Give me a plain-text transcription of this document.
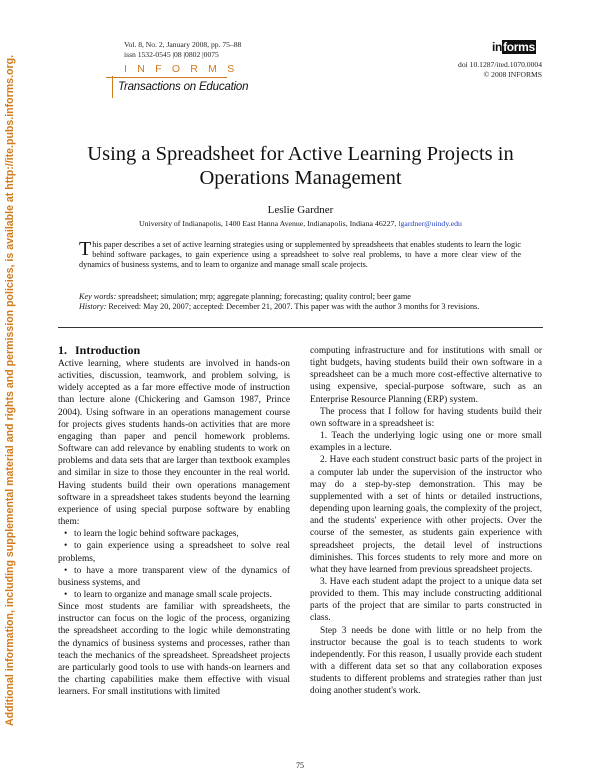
Additional information, including supplemental material and rights and permission policies, is available at http://ite.pubs.informs.org.
Vol. 8, No. 2, January 2008, pp. 75–88
issn 1532-0545 |08 |0802 |0075
INFORMS
Transactions on Education
informs
doi 10.1287/ited.1070.0004
© 2008 INFORMS
Using a Spreadsheet for Active Learning Projects in
Operations Management
Leslie Gardner
University of Indianapolis, 1400 East Hanna Avenue, Indianapolis, Indiana 46227, lgardner@uindy.edu
This paper describes a set of active learning strategies using or supplemented by spreadsheets that enables students to learn the logic behind software packages, to gain experience using a spreadsheet to solve real problems, to have a more clear view of the dynamics of business systems, and to learn to organize and manage small scale projects.
Key words: spreadsheet; simulation; mrp; aggregate planning; forecasting; quality control; beer game
History: Received: May 20, 2007; accepted: December 21, 2007. This paper was with the author 3 months for 3 revisions.
1. Introduction

Active learning, where students are involved in hands-on activities, discussion, teamwork, and problem solving, is widely accepted as a far more effective mode of instruction than lecture alone (Chickering and Gamson 1987, Prince 2004). Using software in an operations management course for projects gives students hands-on activities that are more engaging than paper and pencil homework problems. Software can add relevance by enabling students to work on problems and data sets that are larger than textbook examples and similar in size to those they encounter in the real world. Having students build their own operations management software in a spreadsheet takes students beyond the learning experience of using special purpose software by enabling them:

• to learn the logic behind software packages,

• to gain experience using a spreadsheet to solve real problems,

• to have a more transparent view of the dynamics of business systems, and

• to learn to organize and manage small scale projects.

Since most students are familiar with spreadsheets, the instructor can focus on the logic of the process, organizing the spreadsheet according to the logic while demonstrating the dynamics of business systems and processes, rather than teach the mechanics of the spreadsheet. Spreadsheet projects are particularly good tools to use with hands-on learners and the charting capabilities make them effective with visual learners. For small institutions with limited

computing infrastructure and for institutions with small or tight budgets, having students build their own software in a spreadsheet can be a much more cost-effective alternative to using expensive, special-purpose software, such as an Enterprise Resource Planning (ERP) system.

The process that I follow for having students build their own software in a spreadsheet is:

1. Teach the underlying logic using one or more small examples in a lecture.

2. Have each student construct basic parts of the project in a computer lab under the supervision of the instructor who may do a step-by-step demonstration. This may be supplemented with a set of hints or detailed instructions, depending upon learning goals, the complexity of the project, and the students' experience with other projects. Over the course of the semester, as students gain experience with spreadsheet projects, the detail level of instructions diminishes. This forces students to rely more and more on what they have learned from previous spreadsheet projects.

3. Have each student adapt the project to a unique data set provided to them. This may include constructing additional parts of the project that are similar to parts constructed in class.

Step 3 needs be done with little or no help from the instructor because the goal is to teach students to work independently. For this reason, I usually provide each student with a different data set so that any collaboration exposes students to different problems and strategies rather than just doing another student's work.

75
